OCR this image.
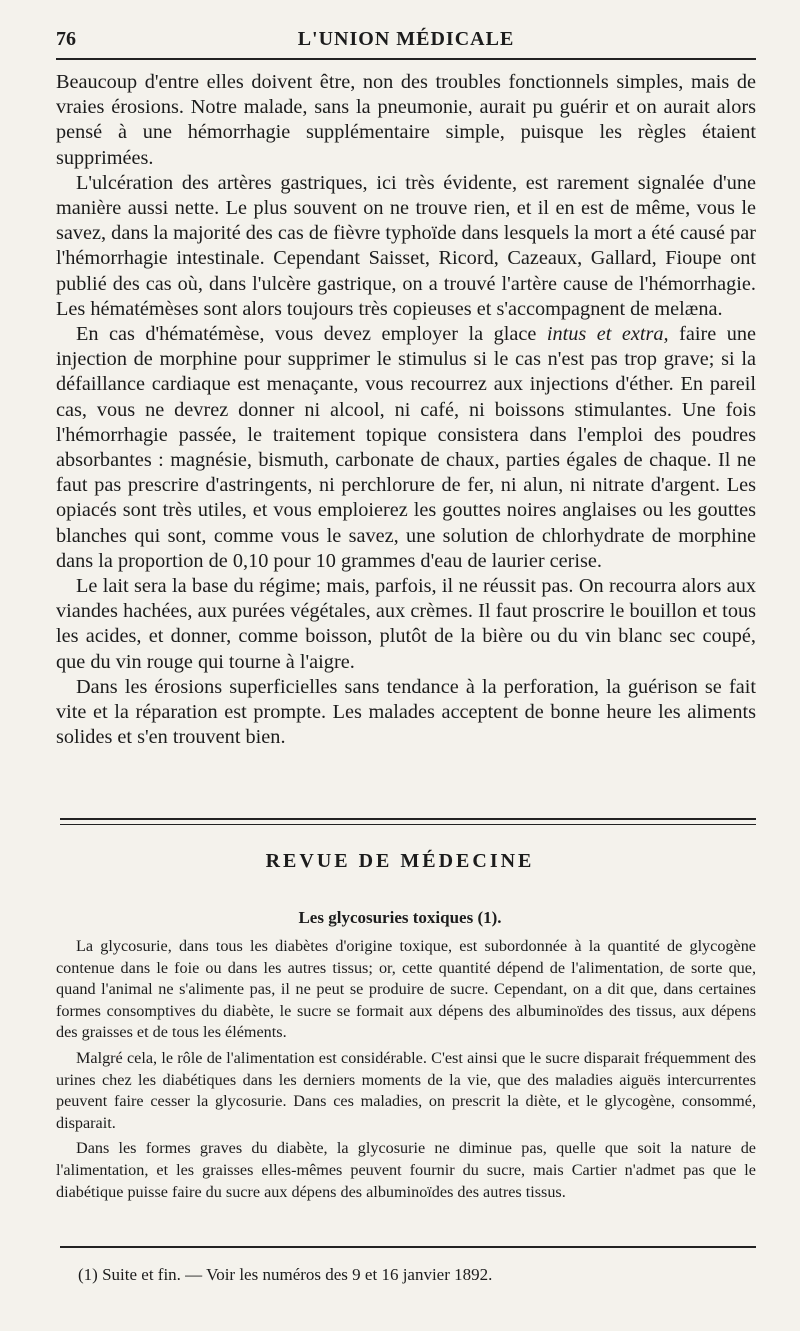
76	L'UNION MÉDICALE

Beaucoup d'entre elles doivent être, non des troubles fonctionnels simples, mais de vraies érosions. Notre malade, sans la pneumonie, aurait pu guérir et on aurait alors pensé à une hémorrhagie supplémentaire simple, puisque les règles étaient supprimées.

L'ulcération des artères gastriques, ici très évidente, est rarement signalée d'une manière aussi nette. Le plus souvent on ne trouve rien, et il en est de même, vous le savez, dans la majorité des cas de fièvre typhoïde dans lesquels la mort a été causé par l'hémorrhagie intestinale. Cependant Saisset, Ricord, Cazeaux, Gallard, Fioupe ont publié des cas où, dans l'ulcère gastrique, on a trouvé l'artère cause de l'hémorrhagie. Les hématémèses sont alors toujours très copieuses et s'accompagnent de melæna.

En cas d'hématémèse, vous devez employer la glace intus et extra, faire une injection de morphine pour supprimer le stimulus si le cas n'est pas trop grave; si la défaillance cardiaque est menaçante, vous recourrez aux injections d'éther. En pareil cas, vous ne devrez donner ni alcool, ni café, ni boissons stimulantes. Une fois l'hémorrhagie passée, le traitement topique consistera dans l'emploi des poudres absorbantes : magnésie, bismuth, carbonate de chaux, parties égales de chaque. Il ne faut pas prescrire d'astringents, ni perchlorure de fer, ni alun, ni nitrate d'argent. Les opiacés sont très utiles, et vous emploierez les gouttes noires anglaises ou les gouttes blanches qui sont, comme vous le savez, une solution de chlorhydrate de morphine dans la proportion de 0,10 pour 10 grammes d'eau de laurier cerise.

Le lait sera la base du régime; mais, parfois, il ne réussit pas. On recourra alors aux viandes hachées, aux purées végétales, aux crèmes. Il faut proscrire le bouillon et tous les acides, et donner, comme boisson, plutôt de la bière ou du vin blanc sec coupé, que du vin rouge qui tourne à l'aigre.

Dans les érosions superficielles sans tendance à la perforation, la guérison se fait vite et la réparation est prompte. Les malades acceptent de bonne heure les aliments solides et s'en trouvent bien.

REVUE DE MÉDECINE
Les glycosuries toxiques (1).

La glycosurie, dans tous les diabètes d'origine toxique, est subordonnée à la quantité de glycogène contenue dans le foie ou dans les autres tissus; or, cette quantité dépend de l'alimentation, de sorte que, quand l'animal ne s'alimente pas, il ne peut se produire de sucre. Cependant, on a dit que, dans certaines formes consomptives du diabète, le sucre se formait aux dépens des albuminoïdes des tissus, aux dépens des graisses et de tous les éléments.

Malgré cela, le rôle de l'alimentation est considérable. C'est ainsi que le sucre disparait fréquemment des urines chez les diabétiques dans les derniers moments de la vie, que des maladies aiguës intercurrentes peuvent faire cesser la glycosurie. Dans ces maladies, on prescrit la diète, et le glycogène, consommé, disparait.

Dans les formes graves du diabète, la glycosurie ne diminue pas, quelle que soit la nature de l'alimentation, et les graisses elles-mêmes peuvent fournir du sucre, mais Cartier n'admet pas que le diabétique puisse faire du sucre aux dépens des albuminoïdes des autres tissus.

(1) Suite et fin. — Voir les numéros des 9 et 16 janvier 1892.
